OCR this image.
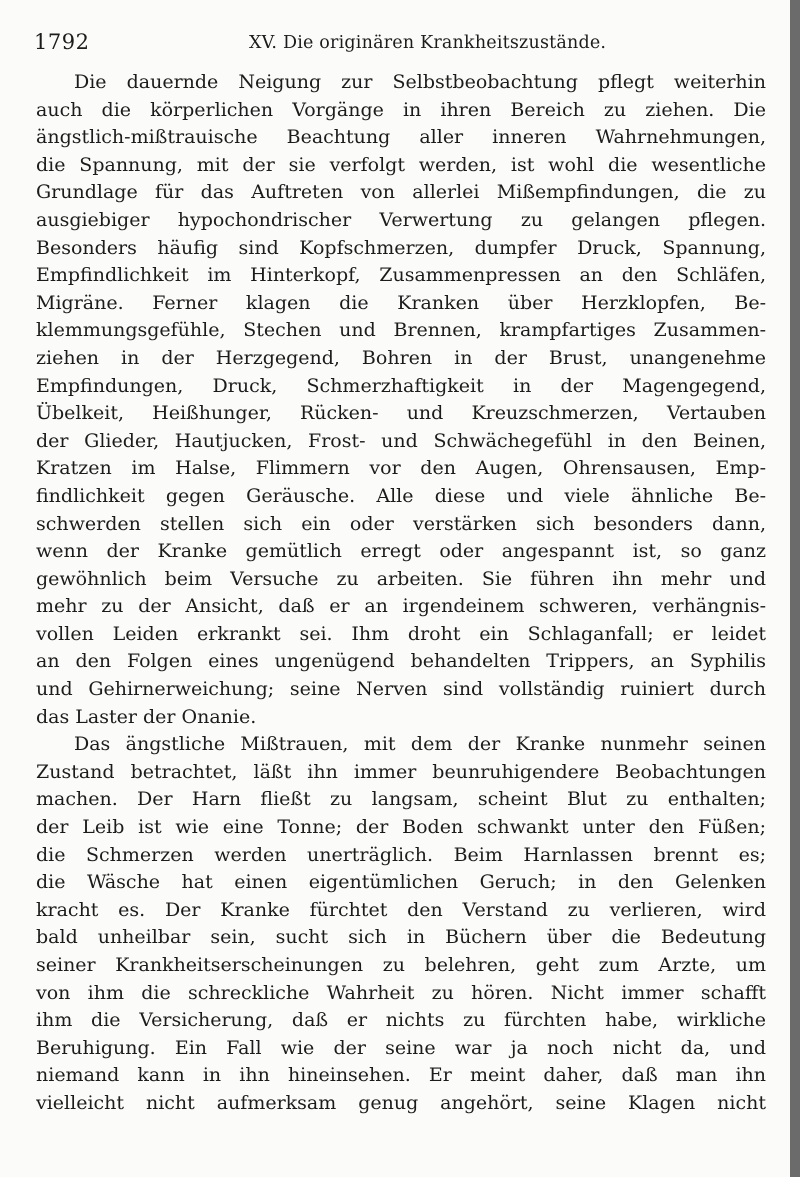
1792	XV. Die originären Krankheitszustände.
Die dauernde Neigung zur Selbstbeobachtung pflegt weiterhin
auch die körperlichen Vorgänge in ihren Bereich zu ziehen. Die
ängstlich-mißtrauische Beachtung aller inneren Wahrnehmungen,
die Spannung, mit der sie verfolgt werden, ist wohl die wesentliche
Grundlage für das Auftreten von allerlei Mißempfindungen, die zu
ausgiebiger hypochondrischer Verwertung zu gelangen pflegen.
Besonders häufig sind Kopfschmerzen, dumpfer Druck, Spannung,
Empfindlichkeit im Hinterkopf, Zusammenpressen an den Schläfen,
Migräne. Ferner klagen die Kranken über Herzklopfen, Be-
klemmungsgefühle, Stechen und Brennen, krampfartiges Zusammen-
ziehen in der Herzgegend, Bohren in der Brust, unangenehme
Empfindungen, Druck, Schmerzhaftigkeit in der Magengegend,
Übelkeit, Heißhunger, Rücken- und Kreuzschmerzen, Vertauben
der Glieder, Hautjucken, Frost- und Schwächegefühl in den Beinen,
Kratzen im Halse, Flimmern vor den Augen, Ohrensausen, Emp-
findlichkeit gegen Geräusche. Alle diese und viele ähnliche Be-
schwerden stellen sich ein oder verstärken sich besonders dann,
wenn der Kranke gemütlich erregt oder angespannt ist, so ganz
gewöhnlich beim Versuche zu arbeiten. Sie führen ihn mehr und
mehr zu der Ansicht, daß er an irgendeinem schweren, verhängnis-
vollen Leiden erkrankt sei. Ihm droht ein Schlaganfall; er leidet
an den Folgen eines ungenügend behandelten Trippers, an Syphilis
und Gehirnerweichung; seine Nerven sind vollständig ruiniert durch
das Laster der Onanie.
Das ängstliche Mißtrauen, mit dem der Kranke nunmehr seinen
Zustand betrachtet, läßt ihn immer beunruhigendere Beobachtungen
machen. Der Harn fließt zu langsam, scheint Blut zu enthalten;
der Leib ist wie eine Tonne; der Boden schwankt unter den Füßen;
die Schmerzen werden unerträglich. Beim Harnlassen brennt es;
die Wäsche hat einen eigentümlichen Geruch; in den Gelenken
kracht es. Der Kranke fürchtet den Verstand zu verlieren, wird
bald unheilbar sein, sucht sich in Büchern über die Bedeutung
seiner Krankheitserscheinungen zu belehren, geht zum Arzte, um
von ihm die schreckliche Wahrheit zu hören. Nicht immer schafft
ihm die Versicherung, daß er nichts zu fürchten habe, wirkliche
Beruhigung. Ein Fall wie der seine war ja noch nicht da, und
niemand kann in ihn hineinsehen. Er meint daher, daß man ihn
vielleicht nicht aufmerksam genug angehört, seine Klagen nicht
